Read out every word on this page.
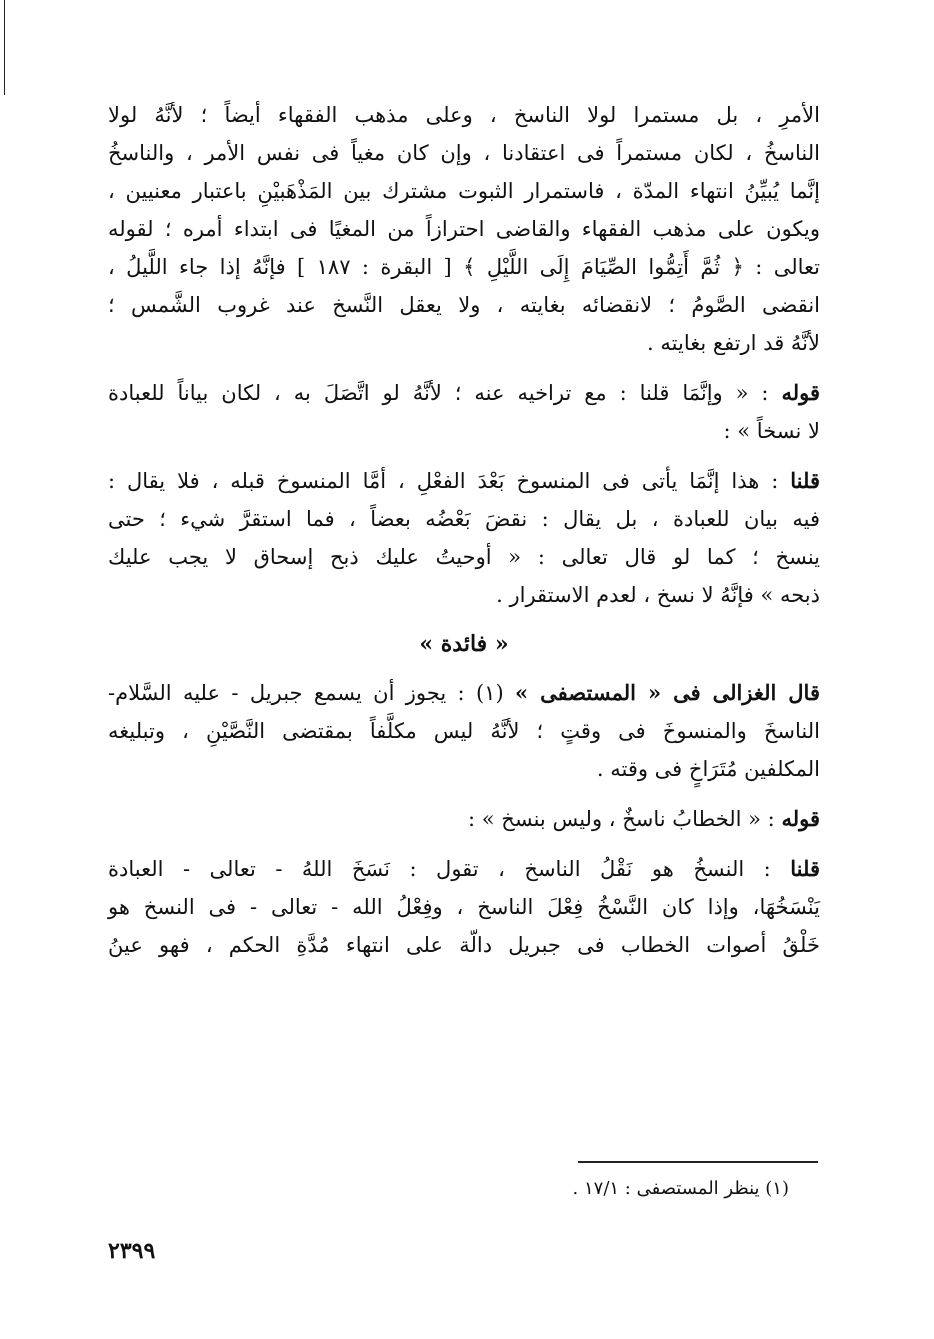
الأمرِ ، بل مستمرا لولا الناسخ ، وعلى مذهب الفقهاء أيضاً ؛ لأنَّهُ لولا
الناسخُ ، لكان مستمراً فى اعتقادنا ، وإن كان مغياً فى نفس الأمر ، والناسخُ
إنَّما يُبيِّنُ انتهاء المدّة ، فاستمرار الثبوت مشترك بين المَذْهَبيْنِ باعتبار معنيين ،
ويكون على مذهب الفقهاء والقاضى احترازاً من المغيًا فى ابتداء أمره ؛ لقوله
تعالى : ﴿ ثُمَّ أَتِمُّوا الصِّيَامَ إِلَى اللَّيْلِ ﴾ [ البقرة : ١٨٧ ] فإنَّهُ إذا جاء اللَّيلُ ،
انقضى الصَّومُ ؛ لانقضائه بغايته ، ولا يعقل النَّسخ عند غروب الشَّمس ؛
لأنَّهُ قد ارتفع بغايته .
قوله : « وإنَّمَا قلنا : مع تراخيه عنه ؛ لأنَّهُ لو اتَّصَلَ به ، لكان بياناً للعبادة
لا نسخاً » :
قلنا : هذا إنَّمَا يأتى فى المنسوخ بَعْدَ الفعْلِ ، أمَّا المنسوخ قبله ، فلا يقال :
فيه بيان للعبادة ، بل يقال : نقضَ بَعْضُه بعضاً ، فما استقرَّ شيء ؛ حتى
ينسخ ؛ كما لو قال تعالى : « أوحيتُ عليك ذبح إسحاق لا يجب عليك
ذبحه » فإنَّهُ لا نسخ ، لعدم الاستقرار .
« فائدة »
قال الغزالى فى « المستصفى » (١) : يجوز أن يسمع جبريل - عليه السَّلام-
الناسخَ والمنسوخَ فى وقتٍ ؛ لأنَّهُ ليس مكلَّفاً بمقتضى النَّصَّيْنِ ، وتبليغه
المكلفين مُتَرَاخٍ فى وقته .
قوله : « الخطابُ ناسخٌ ، وليس بنسخ » :
قلنا : النسخُ هو نَقْلُ الناسخ ، تقول : نَسَخَ اللهُ - تعالى - العبادة
يَنْسَخُهَا، وإذا كان النَّسْخُ فِعْلَ الناسخ ، وفِعْلُ الله - تعالى - فى النسخ هو
خَلْقُ أصوات الخطاب فى جبريل دالّة على انتهاء مُدَّةِ الحكم ، فهو عينُ
(١) ينظر المستصفى : ١٧/١ .
٢٣٩٩
